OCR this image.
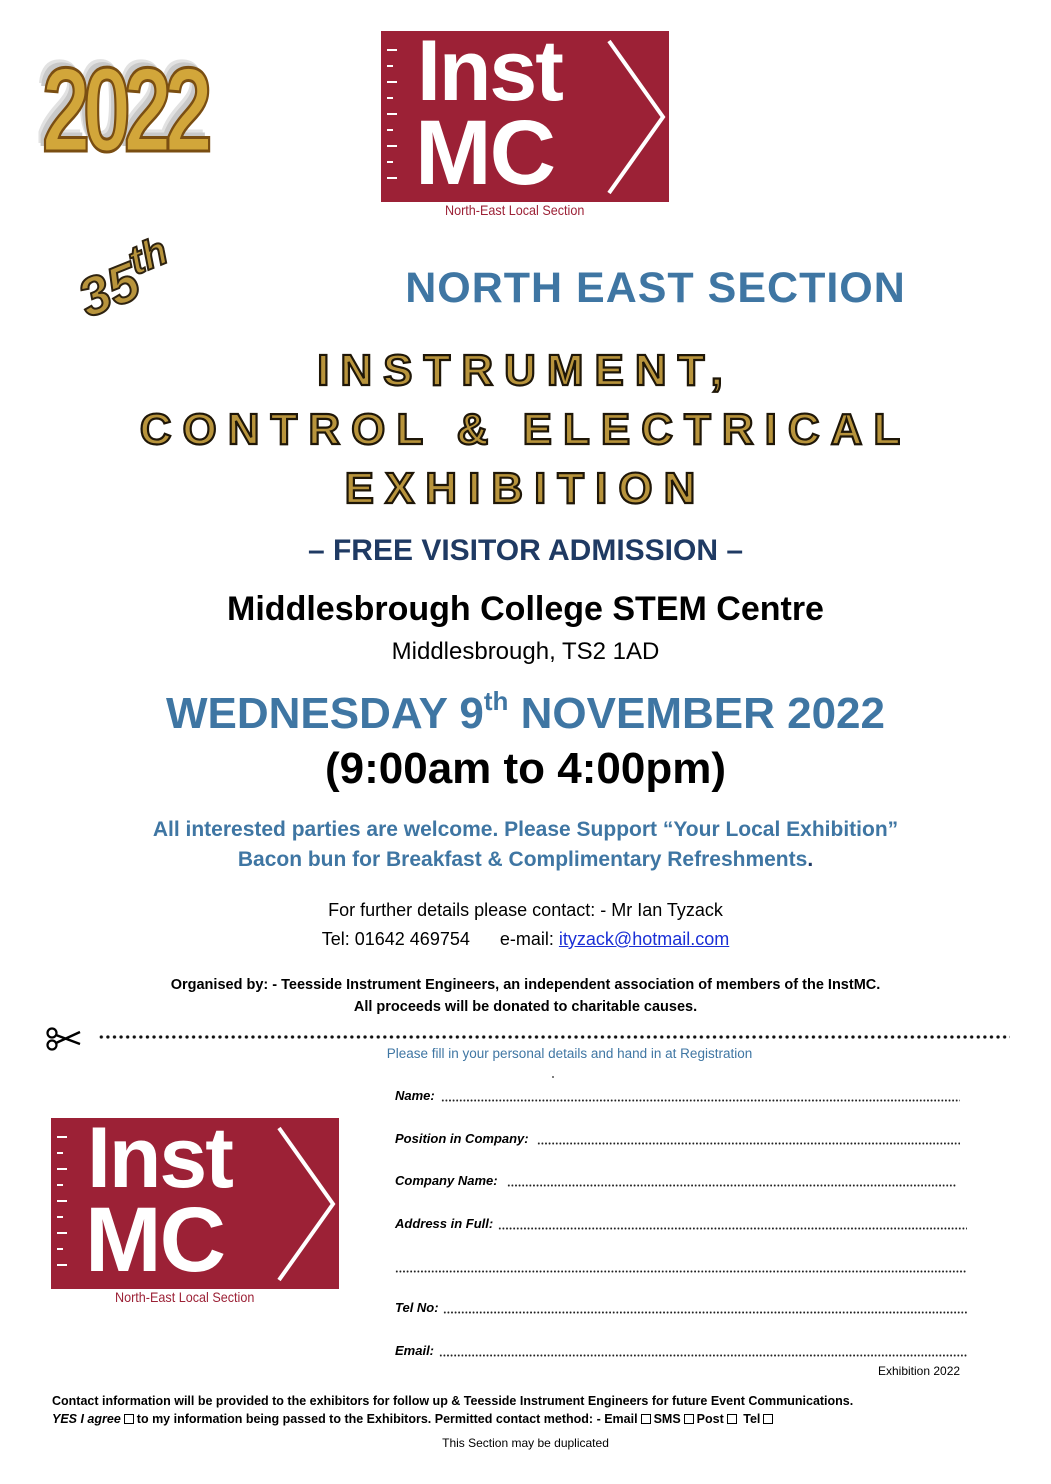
2022 Inst
MC
North-East Local Section
35th
NORTH EAST SECTION
INSTRUMENT,
CONTROL & ELECTRICAL
EXHIBITION
– FREE VISITOR ADMISSION –
Middlesbrough College STEM Centre
Middlesbrough, TS2 1AD
WEDNESDAY 9th NOVEMBER 2022
(9:00am to 4:00pm)
All interested parties are welcome. Please Support “Your Local Exhibition”
Bacon bun for Breakfast & Complimentary Refreshments.
For further details please contact: - Mr Ian Tyzack
Tel: 01642 469754 e-mail: ityzack@hotmail.com
Organised by: - Teesside Instrument Engineers, an independent association of members of the InstMC.
All proceeds will be donated to charitable causes.
Please fill in your personal details and hand in at Registration
Inst
MC
North-East Local Section
Name:
Position in Company:
Company Name:
Address in Full:
Tel No:
Email:
Exhibition 2022
Contact information will be provided to the exhibitors for follow up & Teesside Instrument Engineers for future Event Communications.
YES I agree to my information being passed to the Exhibitors. Permitted contact method: - Email SMS Post Tel
This Section may be duplicated
